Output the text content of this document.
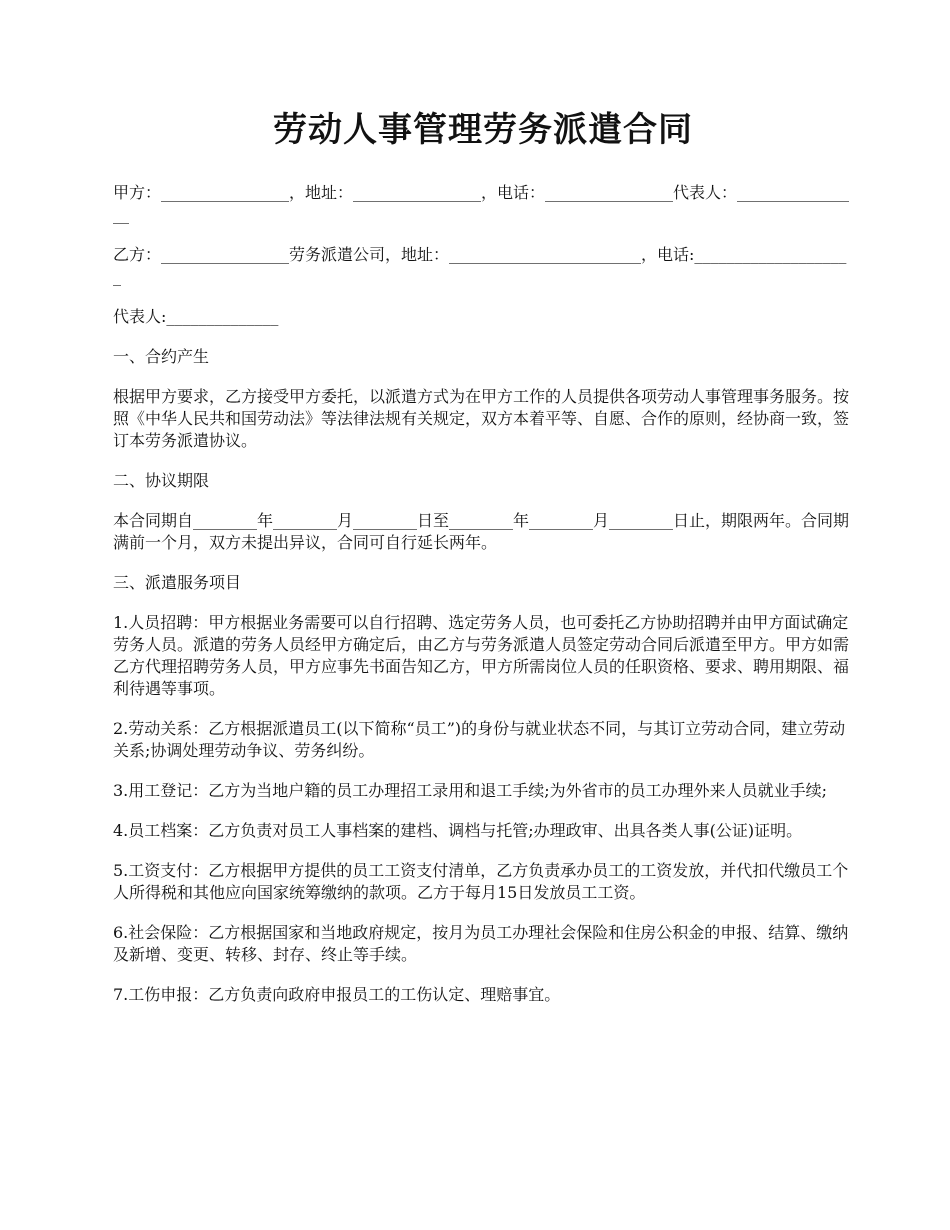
劳动人事管理劳务派遣合同

甲方：________________，地址：________________，电话：________________代表人：________________

乙方：________________劳务派遣公司，地址：________________________，电话:____________________

代表人:______________

一、合约产生

根据甲方要求，乙方接受甲方委托，以派遣方式为在甲方工作的人员提供各项劳动人事管理事务服务。按照《中华人民共和国劳动法》等法律法规有关规定，双方本着平等、自愿、合作的原则，经协商一致，签订本劳务派遣协议。

二、协议期限

本合同期自________年________月________日至________年________月________日止，期限两年。合同期满前一个月，双方未提出异议，合同可自行延长两年。

三、派遣服务项目

1.人员招聘：甲方根据业务需要可以自行招聘、选定劳务人员，也可委托乙方协助招聘并由甲方面试确定劳务人员。派遣的劳务人员经甲方确定后，由乙方与劳务派遣人员签定劳动合同后派遣至甲方。甲方如需乙方代理招聘劳务人员，甲方应事先书面告知乙方，甲方所需岗位人员的任职资格、要求、聘用期限、福利待遇等事项。

2.劳动关系：乙方根据派遣员工(以下简称“员工”)的身份与就业状态不同，与其订立劳动合同，建立劳动关系;协调处理劳动争议、劳务纠纷。

3.用工登记：乙方为当地户籍的员工办理招工录用和退工手续;为外省市的员工办理外来人员就业手续;

4.员工档案：乙方负责对员工人事档案的建档、调档与托管;办理政审、出具各类人事(公证)证明。

5.工资支付：乙方根据甲方提供的员工工资支付清单，乙方负责承办员工的工资发放，并代扣代缴员工个人所得税和其他应向国家统筹缴纳的款项。乙方于每月15日发放员工工资。

6.社会保险：乙方根据国家和当地政府规定，按月为员工办理社会保险和住房公积金的申报、结算、缴纳及新增、变更、转移、封存、终止等手续。

7.工伤申报：乙方负责向政府申报员工的工伤认定、理赔事宜。
